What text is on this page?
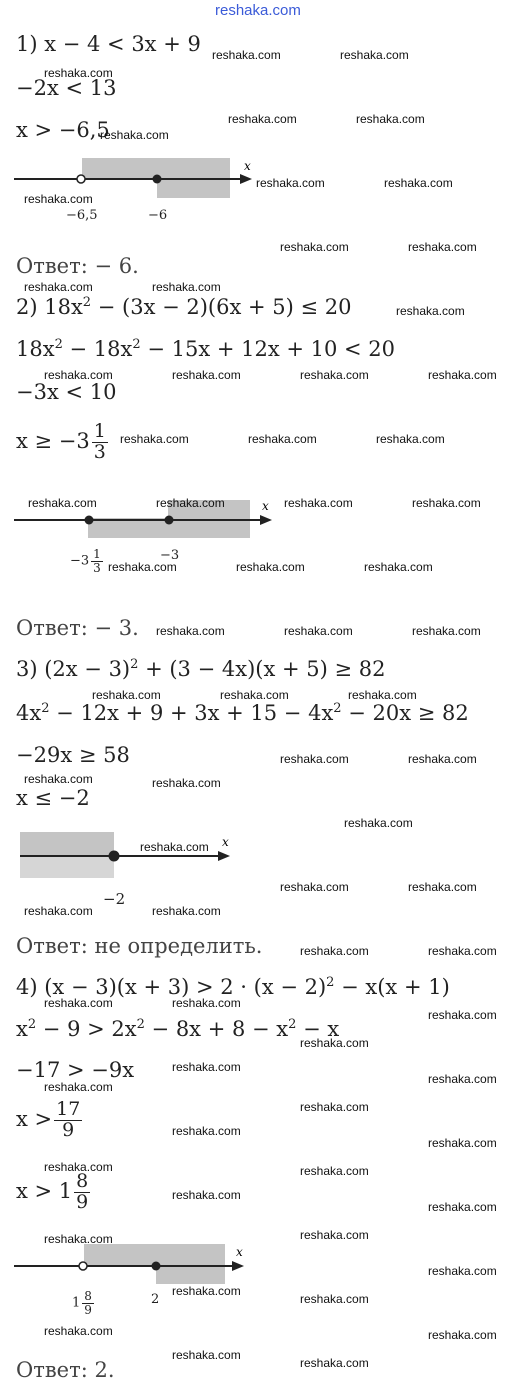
reshaka.com
1) x − 4 < 3x + 9
−2x < 13
x > −6,5
x
−6,5	−6
Ответ: − 6.
2) $18x^2 - (3x - 2)(6x + 5) \le 20$
$18x^2 - 18x^2 - 15x + 12x + 10 < 20$
−3x < 10
$x \ge -3 \frac{1}{3}$
x
$-3 \frac{1}{3}$	−3
Ответ: − 3.
3) $(2x - 3)^2 + (3 - 4x)(x + 5) \ge 82$
$4x^2 - 12x + 9 + 3x + 15 - 4x^2 - 20x \ge 82$
−29x ≥ 58
x ≤ −2
x
−2
Ответ: не определить.
4) $(x - 3)(x + 3) > 2 \cdot (x - 2)^2 - x(x + 1)$
$x^2 - 9 > 2x^2 - 8x + 8 - x^2 - x$
−17 > −9x
$x > \frac{17}{9}$
$x > 1 \frac{8}{9}$
x
$1 \frac{8}{9}$	2
Ответ: 2.
reshaka.com	reshaka.com
reshaka.com
reshaka.com	reshaka.com
reshaka.com
reshaka.com	reshaka.com
reshaka.com
reshaka.com	reshaka.com
reshaka.com	reshaka.com
reshaka.com
reshaka.com	reshaka.com	reshaka.com	reshaka.com
reshaka.com	reshaka.com	reshaka.com
reshaka.com	reshaka.com	reshaka.com	reshaka.com
reshaka.com	reshaka.com	reshaka.com
reshaka.com	reshaka.com	reshaka.com
reshaka.com	reshaka.com	reshaka.com
reshaka.com	reshaka.com
reshaka.com	reshaka.com
reshaka.com
reshaka.com
reshaka.com	reshaka.com
reshaka.com	reshaka.com
reshaka.com	reshaka.com
reshaka.com	reshaka.com
reshaka.com
reshaka.com
reshaka.com
reshaka.com
reshaka.com
reshaka.com
reshaka.com
reshaka.com
reshaka.com	reshaka.com
reshaka.com
reshaka.com
reshaka.com	reshaka.com
reshaka.com
reshaka.com
reshaka.com
reshaka.com	reshaka.com
reshaka.com
reshaka.com
